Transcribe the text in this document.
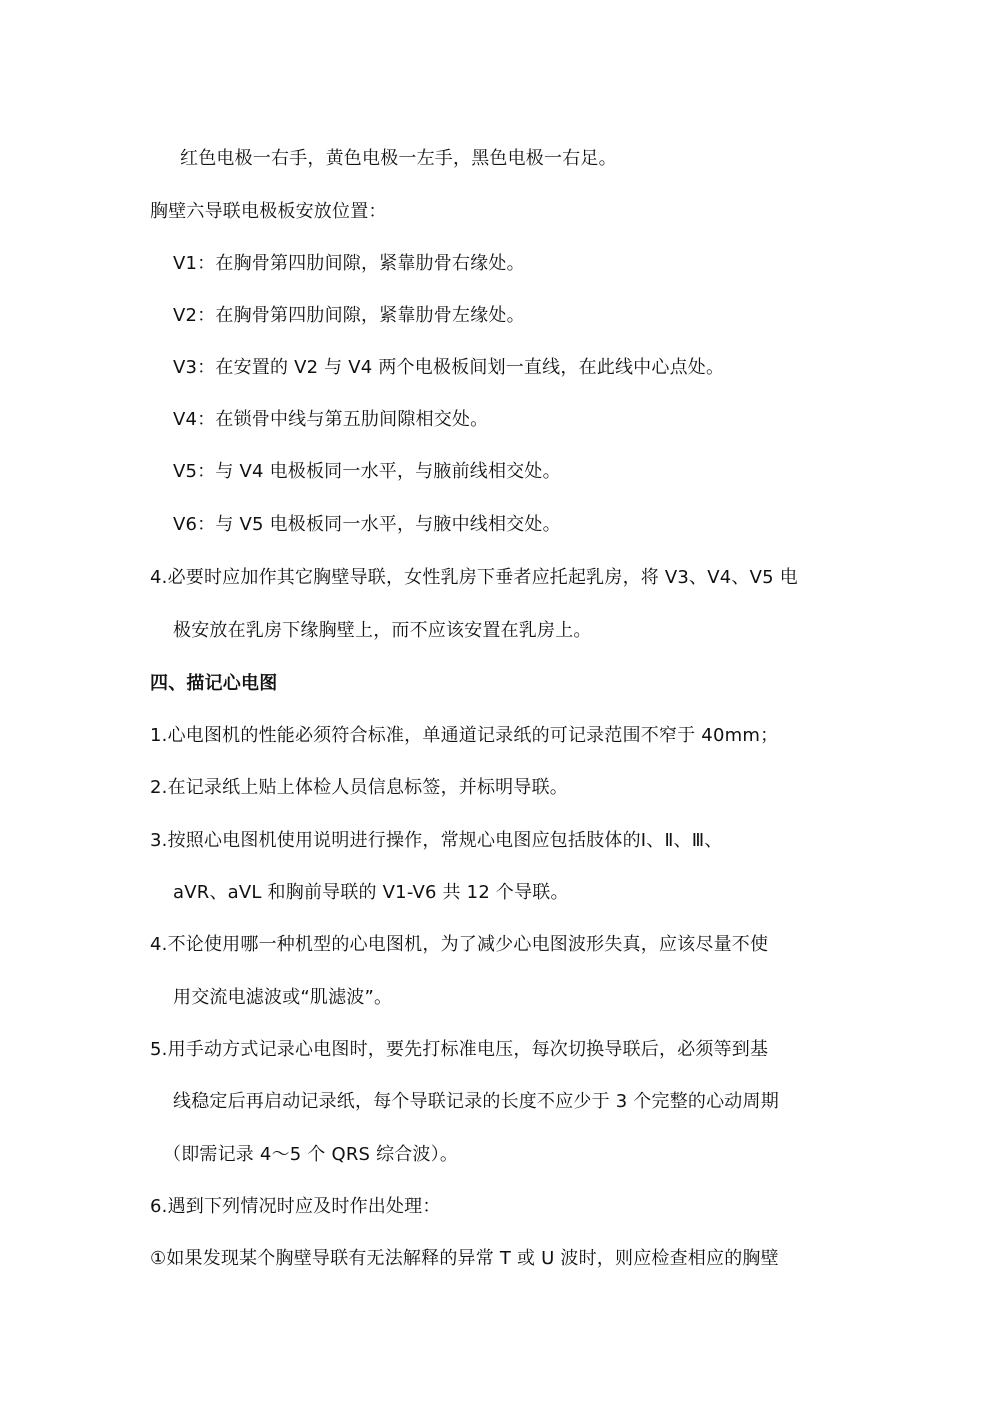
红色电极一右手，黄色电极一左手，黑色电极一右足。
胸壁六导联电极板安放位置：
V1：在胸骨第四肋间隙，紧靠肋骨右缘处。
V2：在胸骨第四肋间隙，紧靠肋骨左缘处。
V3：在安置的 V2 与 V4 两个电极板间划一直线，在此线中心点处。
V4：在锁骨中线与第五肋间隙相交处。
V5：与 V4 电极板同一水平，与腋前线相交处。
V6：与 V5 电极板同一水平，与腋中线相交处。
4.必要时应加作其它胸壁导联，女性乳房下垂者应托起乳房，将 V3、V4、V5 电
极安放在乳房下缘胸壁上，而不应该安置在乳房上。
四、描记心电图
1.心电图机的性能必须符合标准，单通道记录纸的可记录范围不窄于 40mm；
2.在记录纸上贴上体检人员信息标签，并标明导联。
3.按照心电图机使用说明进行操作，常规心电图应包括肢体的Ⅰ、Ⅱ、Ⅲ、
aVR、aVL 和胸前导联的 V1-V6 共 12 个导联。
4.不论使用哪一种机型的心电图机，为了减少心电图波形失真，应该尽量不使
用交流电滤波或“肌滤波”。
5.用手动方式记录心电图时，要先打标准电压，每次切换导联后，必须等到基
线稳定后再启动记录纸，每个导联记录的长度不应少于 3 个完整的心动周期
（即需记录 4～5 个 QRS 综合波）。
6.遇到下列情况时应及时作出处理：
①如果发现某个胸壁导联有无法解释的异常 T 或 U 波时，则应检查相应的胸壁
